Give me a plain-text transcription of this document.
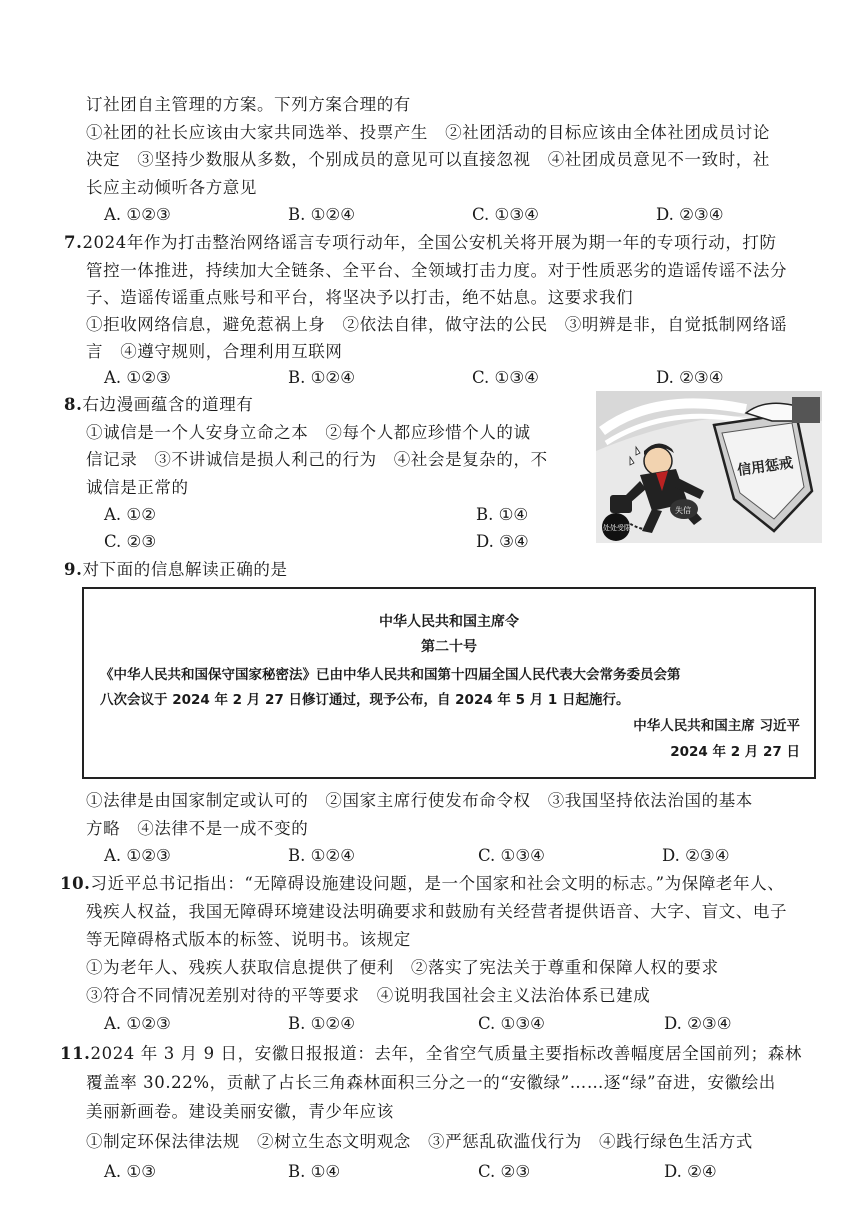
订社团自主管理的方案。下列方案合理的有
①社团的社长应该由大家共同选举、投票产生　②社团活动的目标应该由全体社团成员讨论
决定　③坚持少数服从多数，个别成员的意见可以直接忽视　④社团成员意见不一致时，社
长应主动倾听各方意见
A. ①②③	B. ①②④	C. ①③④	D. ②③④
7.2024年作为打击整治网络谣言专项行动年，全国公安机关将开展为期一年的专项行动，打防
管控一体推进，持续加大全链条、全平台、全领域打击力度。对于性质恶劣的造谣传谣不法分
子、造谣传谣重点账号和平台，将坚决予以打击，绝不姑息。这要求我们
①拒收网络信息，避免惹祸上身　②依法自律，做守法的公民　③明辨是非，自觉抵制网络谣
言　④遵守规则，合理利用互联网
A. ①②③	B. ①②④	C. ①③④	D. ②③④
8.右边漫画蕴含的道理有
①诚信是一个人安身立命之本　②每个人都应珍惜个人的诚
信记录　③不讲诚信是损人利己的行为　④社会是复杂的，不
诚信是正常的
A. ①②	B. ①④
C. ②③	D. ③④
信用惩戒
失信
处处受限
9.对下面的信息解读正确的是
中华人民共和国主席令
第二十号
《中华人民共和国保守国家秘密法》已由中华人民共和国第十四届全国人民代表大会常务委员会第
八次会议于 2024 年 2 月 27 日修订通过，现予公布，自 2024 年 5 月 1 日起施行。
中华人民共和国主席 习近平
2024 年 2 月 27 日
①法律是由国家制定或认可的　②国家主席行使发布命令权　③我国坚持依法治国的基本
方略　④法律不是一成不变的
A. ①②③	B. ①②④	C. ①③④	D. ②③④
10.习近平总书记指出：“无障碍设施建设问题，是一个国家和社会文明的标志。”为保障老年人、
残疾人权益，我国无障碍环境建设法明确要求和鼓励有关经营者提供语音、大字、盲文、电子
等无障碍格式版本的标签、说明书。该规定
①为老年人、残疾人获取信息提供了便利　②落实了宪法关于尊重和保障人权的要求
③符合不同情况差别对待的平等要求　④说明我国社会主义法治体系已建成
A. ①②③	B. ①②④	C. ①③④	D. ②③④
11.2024 年 3 月 9 日，安徽日报报道：去年，全省空气质量主要指标改善幅度居全国前列；森林
覆盖率 30.22%，贡献了占长三角森林面积三分之一的“安徽绿”……逐“绿”奋进，安徽绘出
美丽新画卷。建设美丽安徽，青少年应该
①制定环保法律法规　②树立生态文明观念　③严惩乱砍滥伐行为　④践行绿色生活方式
A. ①③	B. ①④	C. ②③	D. ②④
